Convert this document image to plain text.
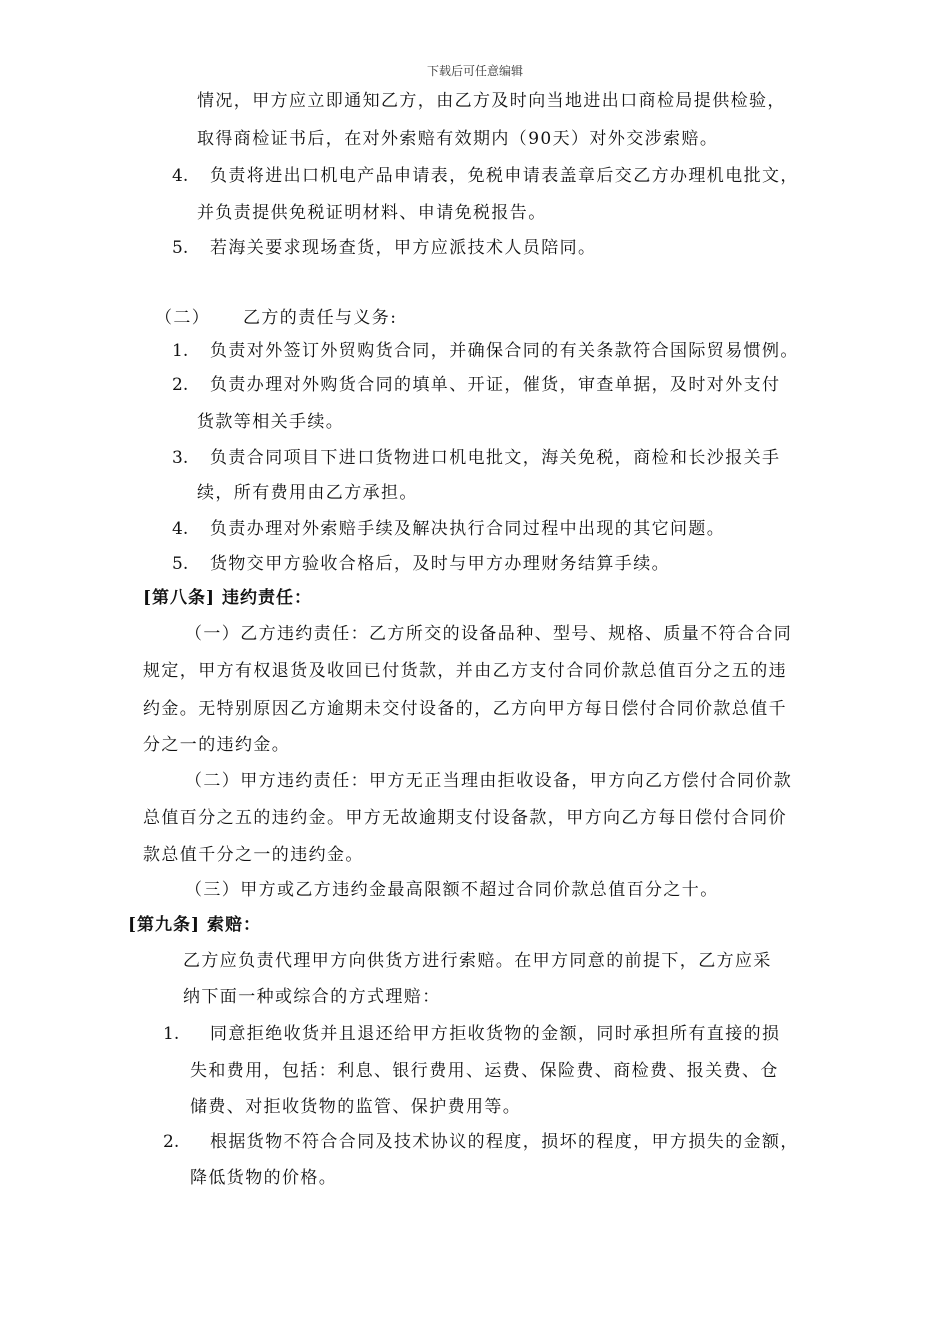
下载后可任意编辑
情况，甲方应立即通知乙方，由乙方及时向当地进出口商检局提供检验，
取得商检证书后，在对外索赔有效期内（90天）对外交涉索赔。
4. 负责将进出口机电产品申请表，免税申请表盖章后交乙方办理机电批文，
并负责提供免税证明材料、申请免税报告。
5. 若海关要求现场查货，甲方应派技术人员陪同。
（二） 乙方的责任与义务:
1. 负责对外签订外贸购货合同，并确保合同的有关条款符合国际贸易惯例。
2. 负责办理对外购货合同的填单、开证，催货，审查单据，及时对外支付
货款等相关手续。
3. 负责合同项目下进口货物进口机电批文，海关免税，商检和长沙报关手
续，所有费用由乙方承担。
4. 负责办理对外索赔手续及解决执行合同过程中出现的其它问题。
5. 货物交甲方验收合格后，及时与甲方办理财务结算手续。
[第八条] 违约责任：
（一）乙方违约责任：乙方所交的设备品种、型号、规格、质量不符合合同
规定，甲方有权退货及收回已付货款，并由乙方支付合同价款总值百分之五的违
约金。无特别原因乙方逾期未交付设备的，乙方向甲方每日偿付合同价款总值千
分之一的违约金。
（二）甲方违约责任：甲方无正当理由拒收设备，甲方向乙方偿付合同价款
总值百分之五的违约金。甲方无故逾期支付设备款，甲方向乙方每日偿付合同价
款总值千分之一的违约金。
（三）甲方或乙方违约金最高限额不超过合同价款总值百分之十。
[第九条] 索赔：
乙方应负责代理甲方向供货方进行索赔。在甲方同意的前提下，乙方应采
纳下面一种或综合的方式理赔：
1. 同意拒绝收货并且退还给甲方拒收货物的金额，同时承担所有直接的损
失和费用，包括：利息、银行费用、运费、保险费、商检费、报关费、仓
储费、对拒收货物的监管、保护费用等。
2. 根据货物不符合合同及技术协议的程度，损坏的程度，甲方损失的金额，
降低货物的价格。
